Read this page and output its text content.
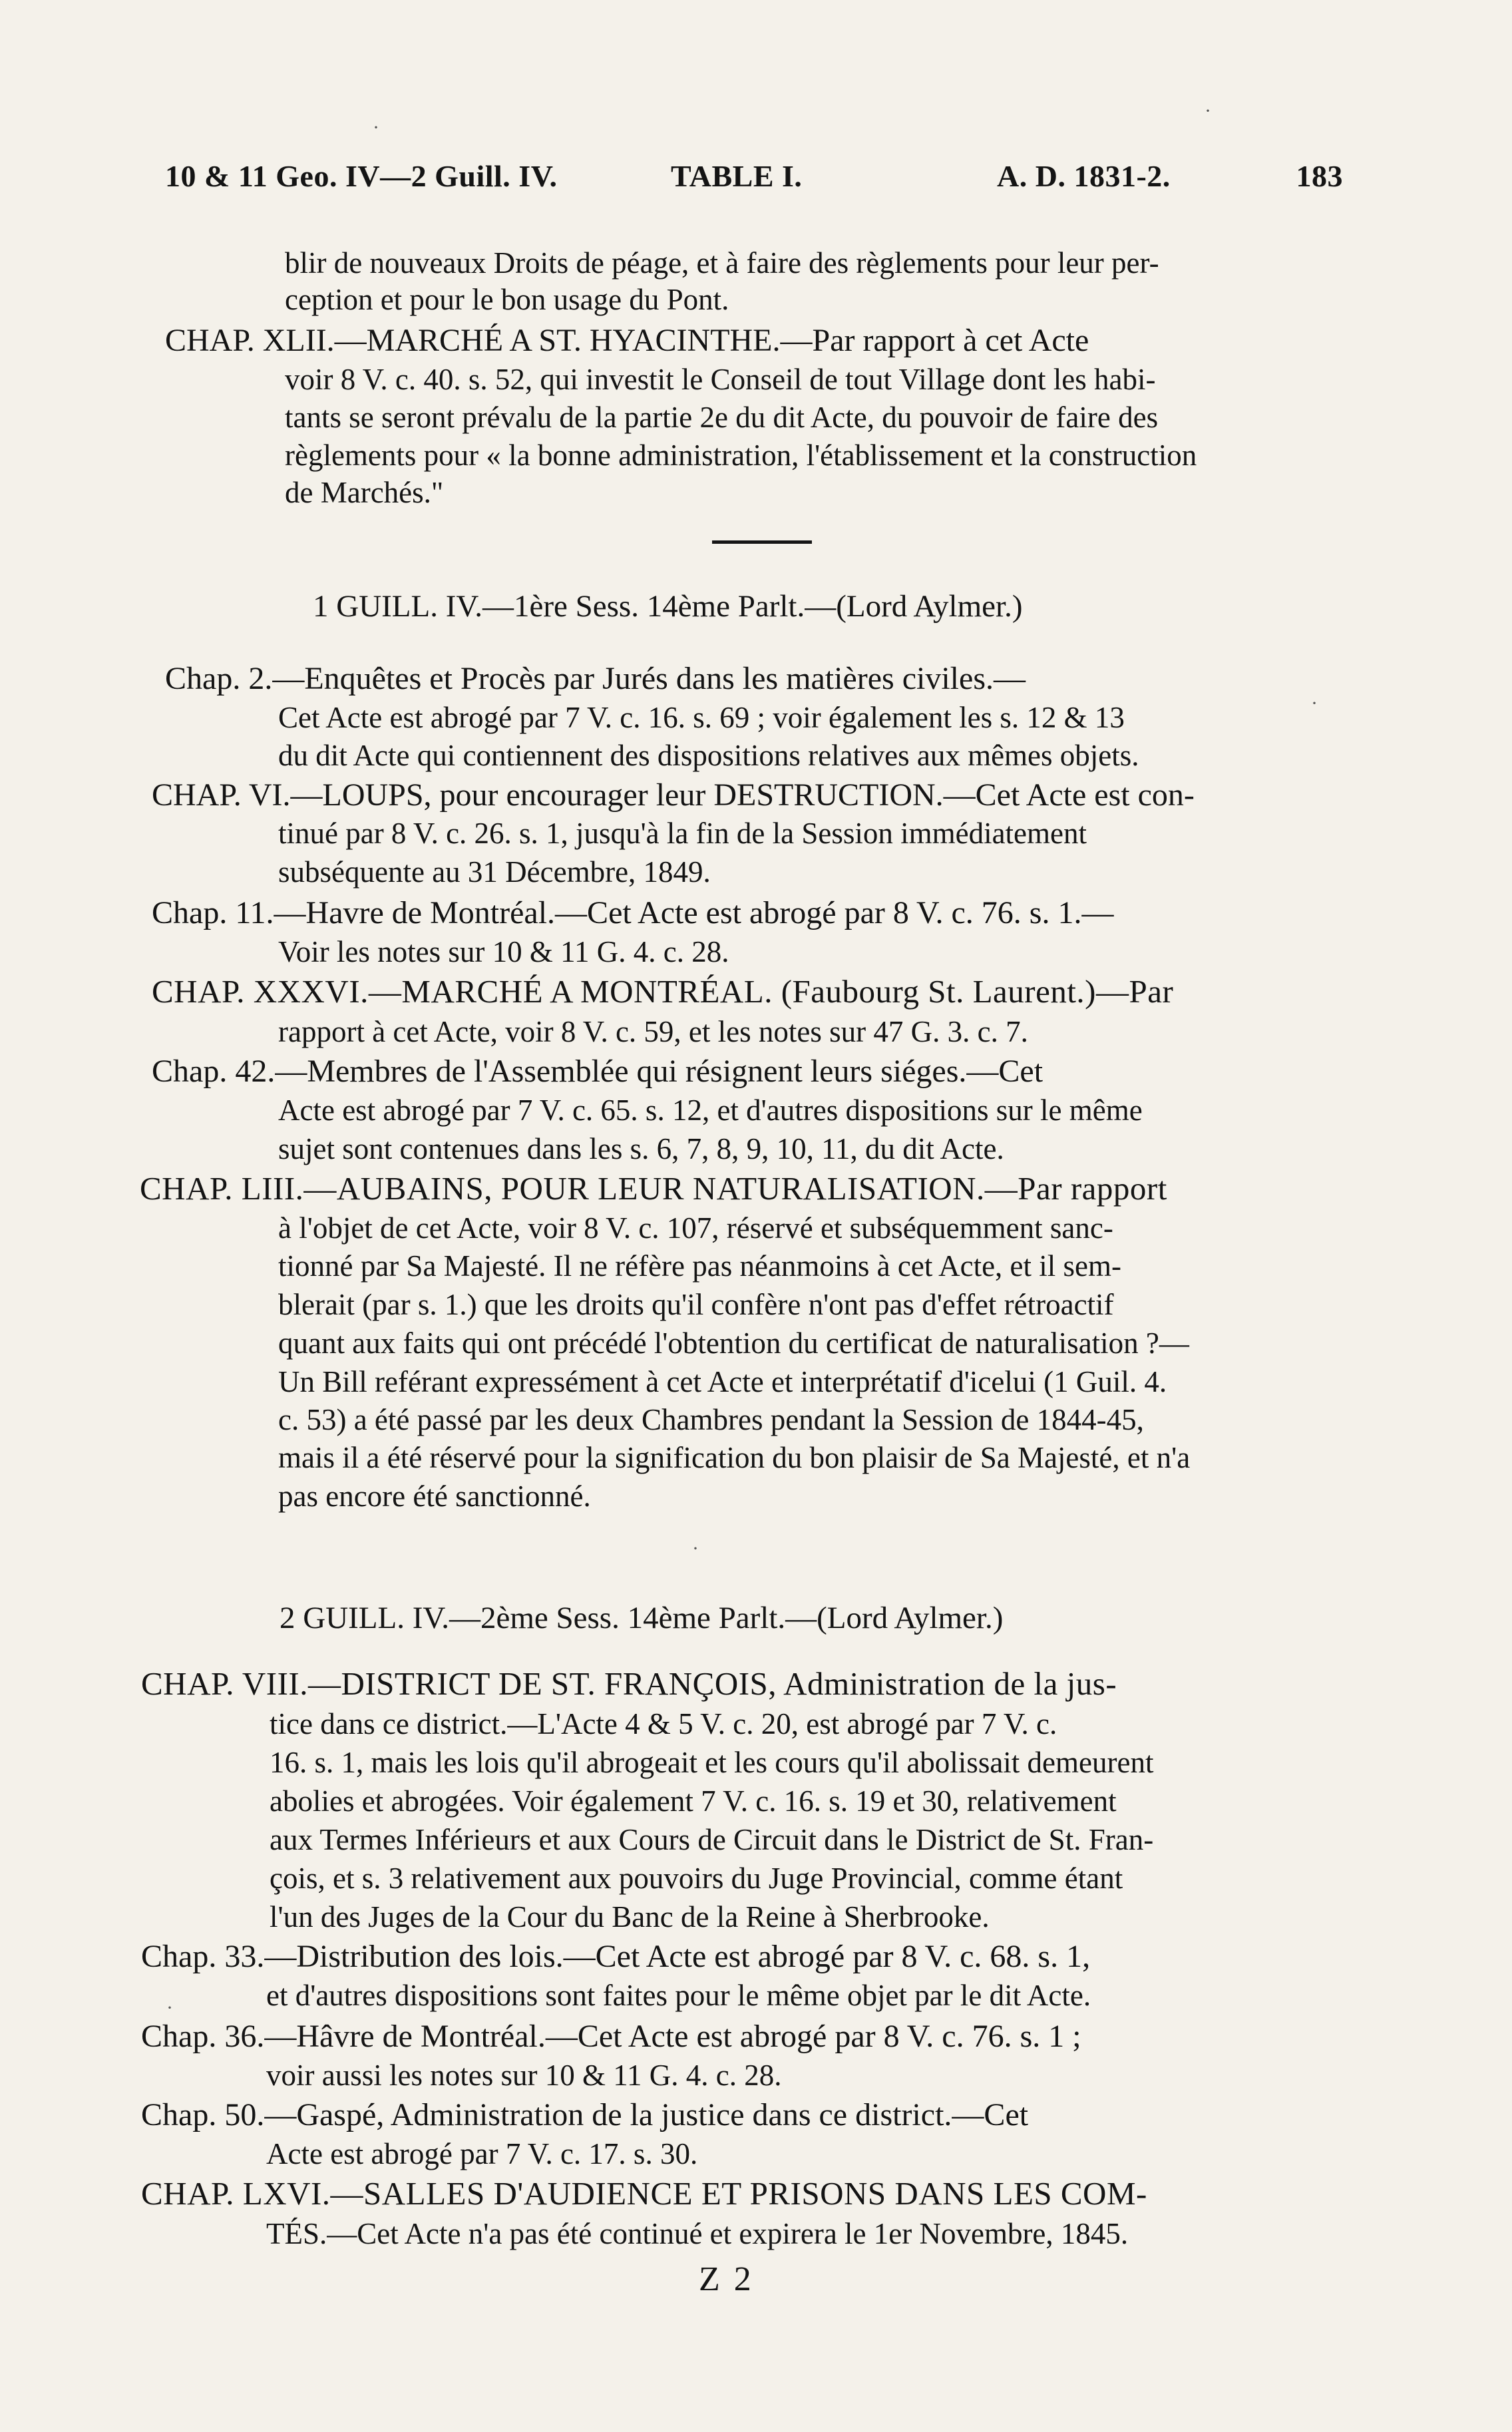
10 & 11 Geo. IV—2 Guill. IV.	TABLE I.	A. D. 1831-2.	183
blir de nouveaux Droits de péage, et à faire des règlements pour leur per-
ception et pour le bon usage du Pont.
CHAP. XLII.—MARCHÉ A ST. HYACINTHE.—Par rapport à cet Acte
voir 8 V. c. 40. s. 52, qui investit le Conseil de tout Village dont les habi-
tants se seront prévalu de la partie 2e du dit Acte, du pouvoir de faire des
règlements pour « la bonne administration, l'établissement et la construction
de Marchés."
1 GUILL. IV.—1ère Sess. 14ème Parlt.—(Lord Aylmer.)
Chap. 2.—Enquêtes et Procès par Jurés dans les matières civiles.—
Cet Acte est abrogé par 7 V. c. 16. s. 69 ; voir également les s. 12 & 13
du dit Acte qui contiennent des dispositions relatives aux mêmes objets.
CHAP. VI.—LOUPS, pour encourager leur DESTRUCTION.—Cet Acte est con-
tinué par 8 V. c. 26. s. 1, jusqu'à la fin de la Session immédiatement
subséquente au 31 Décembre, 1849.
Chap. 11.—Havre de Montréal.—Cet Acte est abrogé par 8 V. c. 76. s. 1.—
Voir les notes sur 10 & 11 G. 4. c. 28.
CHAP. XXXVI.—MARCHÉ A MONTRÉAL. (Faubourg St. Laurent.)—Par
rapport à cet Acte, voir 8 V. c. 59, et les notes sur 47 G. 3. c. 7.
Chap. 42.—Membres de l'Assemblée qui résignent leurs siéges.—Cet
Acte est abrogé par 7 V. c. 65. s. 12, et d'autres dispositions sur le même
sujet sont contenues dans les s. 6, 7, 8, 9, 10, 11, du dit Acte.
CHAP. LIII.—AUBAINS, POUR LEUR NATURALISATION.—Par rapport
à l'objet de cet Acte, voir 8 V. c. 107, réservé et subséquemment sanc-
tionné par Sa Majesté. Il ne réfère pas néanmoins à cet Acte, et il sem-
blerait (par s. 1.) que les droits qu'il confère n'ont pas d'effet rétroactif
quant aux faits qui ont précédé l'obtention du certificat de naturalisation ?—
Un Bill reférant expressément à cet Acte et interprétatif d'icelui (1 Guil. 4.
c. 53) a été passé par les deux Chambres pendant la Session de 1844-45,
mais il a été réservé pour la signification du bon plaisir de Sa Majesté, et n'a
pas encore été sanctionné.
2 GUILL. IV.—2ème Sess. 14ème Parlt.—(Lord Aylmer.)
CHAP. VIII.—DISTRICT DE ST. FRANÇOIS, Administration de la jus-
tice dans ce district.—L'Acte 4 & 5 V. c. 20, est abrogé par 7 V. c.
16. s. 1, mais les lois qu'il abrogeait et les cours qu'il abolissait demeurent
abolies et abrogées. Voir également 7 V. c. 16. s. 19 et 30, relativement
aux Termes Inférieurs et aux Cours de Circuit dans le District de St. Fran-
çois, et s. 3 relativement aux pouvoirs du Juge Provincial, comme étant
l'un des Juges de la Cour du Banc de la Reine à Sherbrooke.
Chap. 33.—Distribution des lois.—Cet Acte est abrogé par 8 V. c. 68. s. 1,
et d'autres dispositions sont faites pour le même objet par le dit Acte.
Chap. 36.—Hâvre de Montréal.—Cet Acte est abrogé par 8 V. c. 76. s. 1 ;
voir aussi les notes sur 10 & 11 G. 4. c. 28.
Chap. 50.—Gaspé, Administration de la justice dans ce district.—Cet
Acte est abrogé par 7 V. c. 17. s. 30.
CHAP. LXVI.—SALLES D'AUDIENCE ET PRISONS DANS LES COM-
TÉS.—Cet Acte n'a pas été continué et expirera le 1er Novembre, 1845.
Z 2
·
·
·
·
·
